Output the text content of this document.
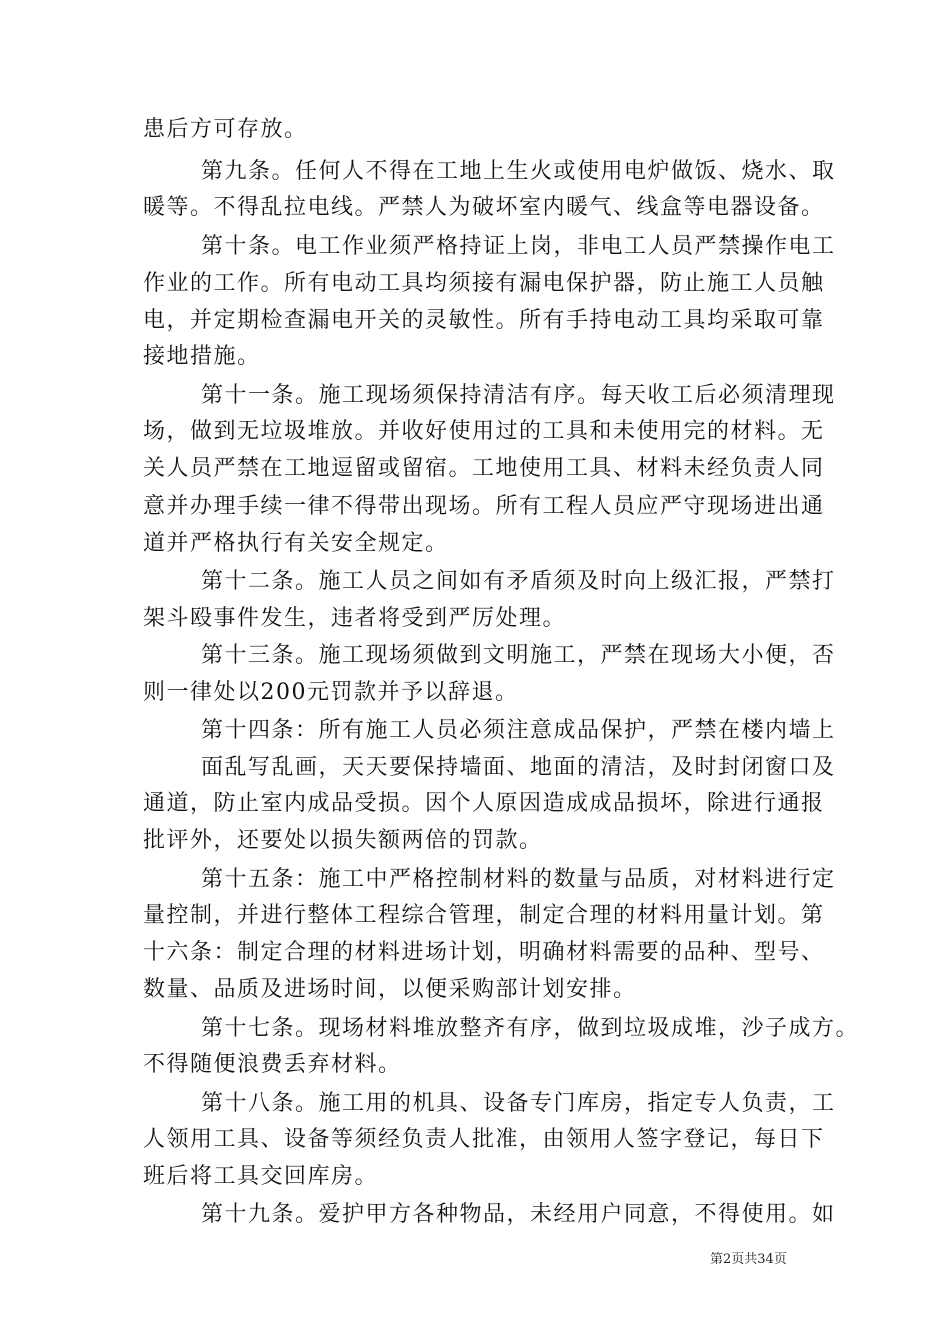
患后方可存放。
第九条。任何人不得在工地上生火或使用电炉做饭、烧水、取
暖等。不得乱拉电线。严禁人为破坏室内暖气、线盒等电器设备。
第十条。电工作业须严格持证上岗，非电工人员严禁操作电工
作业的工作。所有电动工具均须接有漏电保护器，防止施工人员触
电，并定期检查漏电开关的灵敏性。所有手持电动工具均采取可靠
接地措施。
第十一条。施工现场须保持清洁有序。每天收工后必须清理现
场，做到无垃圾堆放。并收好使用过的工具和未使用完的材料。无
关人员严禁在工地逗留或留宿。工地使用工具、材料未经负责人同
意并办理手续一律不得带出现场。所有工程人员应严守现场进出通
道并严格执行有关安全规定。
第十二条。施工人员之间如有矛盾须及时向上级汇报，严禁打
架斗殴事件发生，违者将受到严厉处理。
第十三条。施工现场须做到文明施工，严禁在现场大小便，否
则一律处以200元罚款并予以辞退。
第十四条：所有施工人员必须注意成品保护，严禁在楼内墙上
面乱写乱画，天天要保持墙面、地面的清洁，及时封闭窗口及
通道，防止室内成品受损。因个人原因造成成品损坏，除进行通报
批评外，还要处以损失额两倍的罚款。
第十五条：施工中严格控制材料的数量与品质，对材料进行定
量控制，并进行整体工程综合管理，制定合理的材料用量计划。第
十六条：制定合理的材料进场计划，明确材料需要的品种、型号、
数量、品质及进场时间，以便采购部计划安排。
第十七条。现场材料堆放整齐有序，做到垃圾成堆，沙子成方。
不得随便浪费丢弃材料。
第十八条。施工用的机具、设备专门库房，指定专人负责，工
人领用工具、设备等须经负责人批准，由领用人签字登记，每日下
班后将工具交回库房。
第十九条。爱护甲方各种物品，未经用户同意，不得使用。如
第2页共34页
